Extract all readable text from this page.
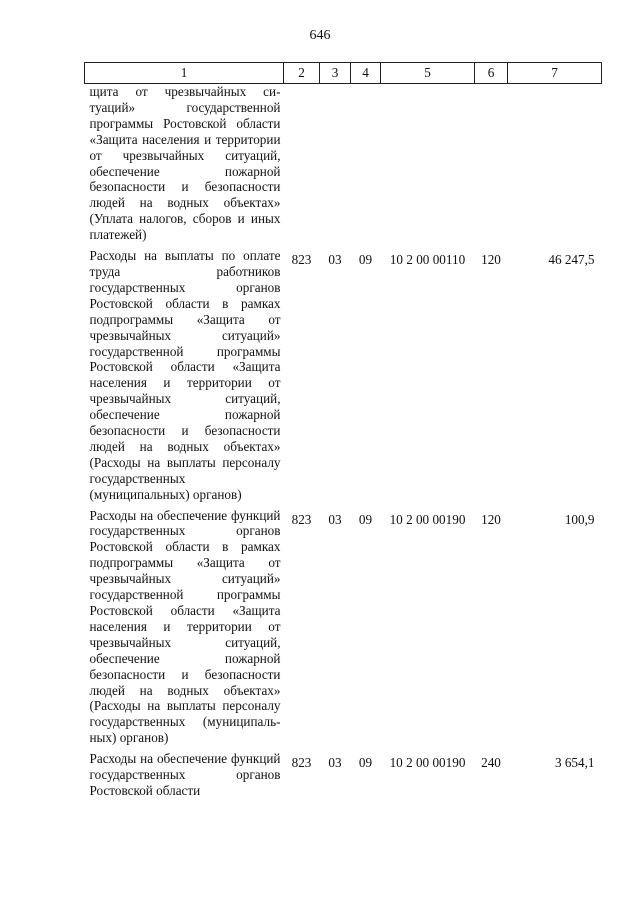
646
1	2	3	4	5	6	7
щита от чрезвычайных ситуаций» государственной программы Ростовской области «Защита населения и территории от чрезвычайных ситуаций, обеспечение пожарной безопасности и безопасности людей на водных объектах» (Уплата налогов, сборов и иных платежей)						
Расходы на выплаты по оплате труда работников государственных органов Ростовской области в рамках подпрограммы «Защита от чрезвычайных ситуаций» государственной программы Ростовской области «Защита населения и территории от чрезвычайных ситуаций, обеспечение пожарной безопасности и безопасности людей на водных объектах» (Расходы на выплаты персоналу государственных (муниципальных) органов)	823	03	09	10 2 00 00110	120	46 247,5
Расходы на обеспечение функций государственных органов Ростовской области в рамках подпрограммы «Защита от чрезвычайных ситуаций» государственной программы Ростовской области «Защита населения и территории от чрезвычайных ситуаций, обеспечение пожарной безопасности и безопасности людей на водных объектах» (Расходы на выплаты персоналу государственных (муниципальных) органов)	823	03	09	10 2 00 00190	120	100,9
Расходы на обеспечение функций государственных органов Ростовской области	823	03	09	10 2 00 00190	240	3 654,1
